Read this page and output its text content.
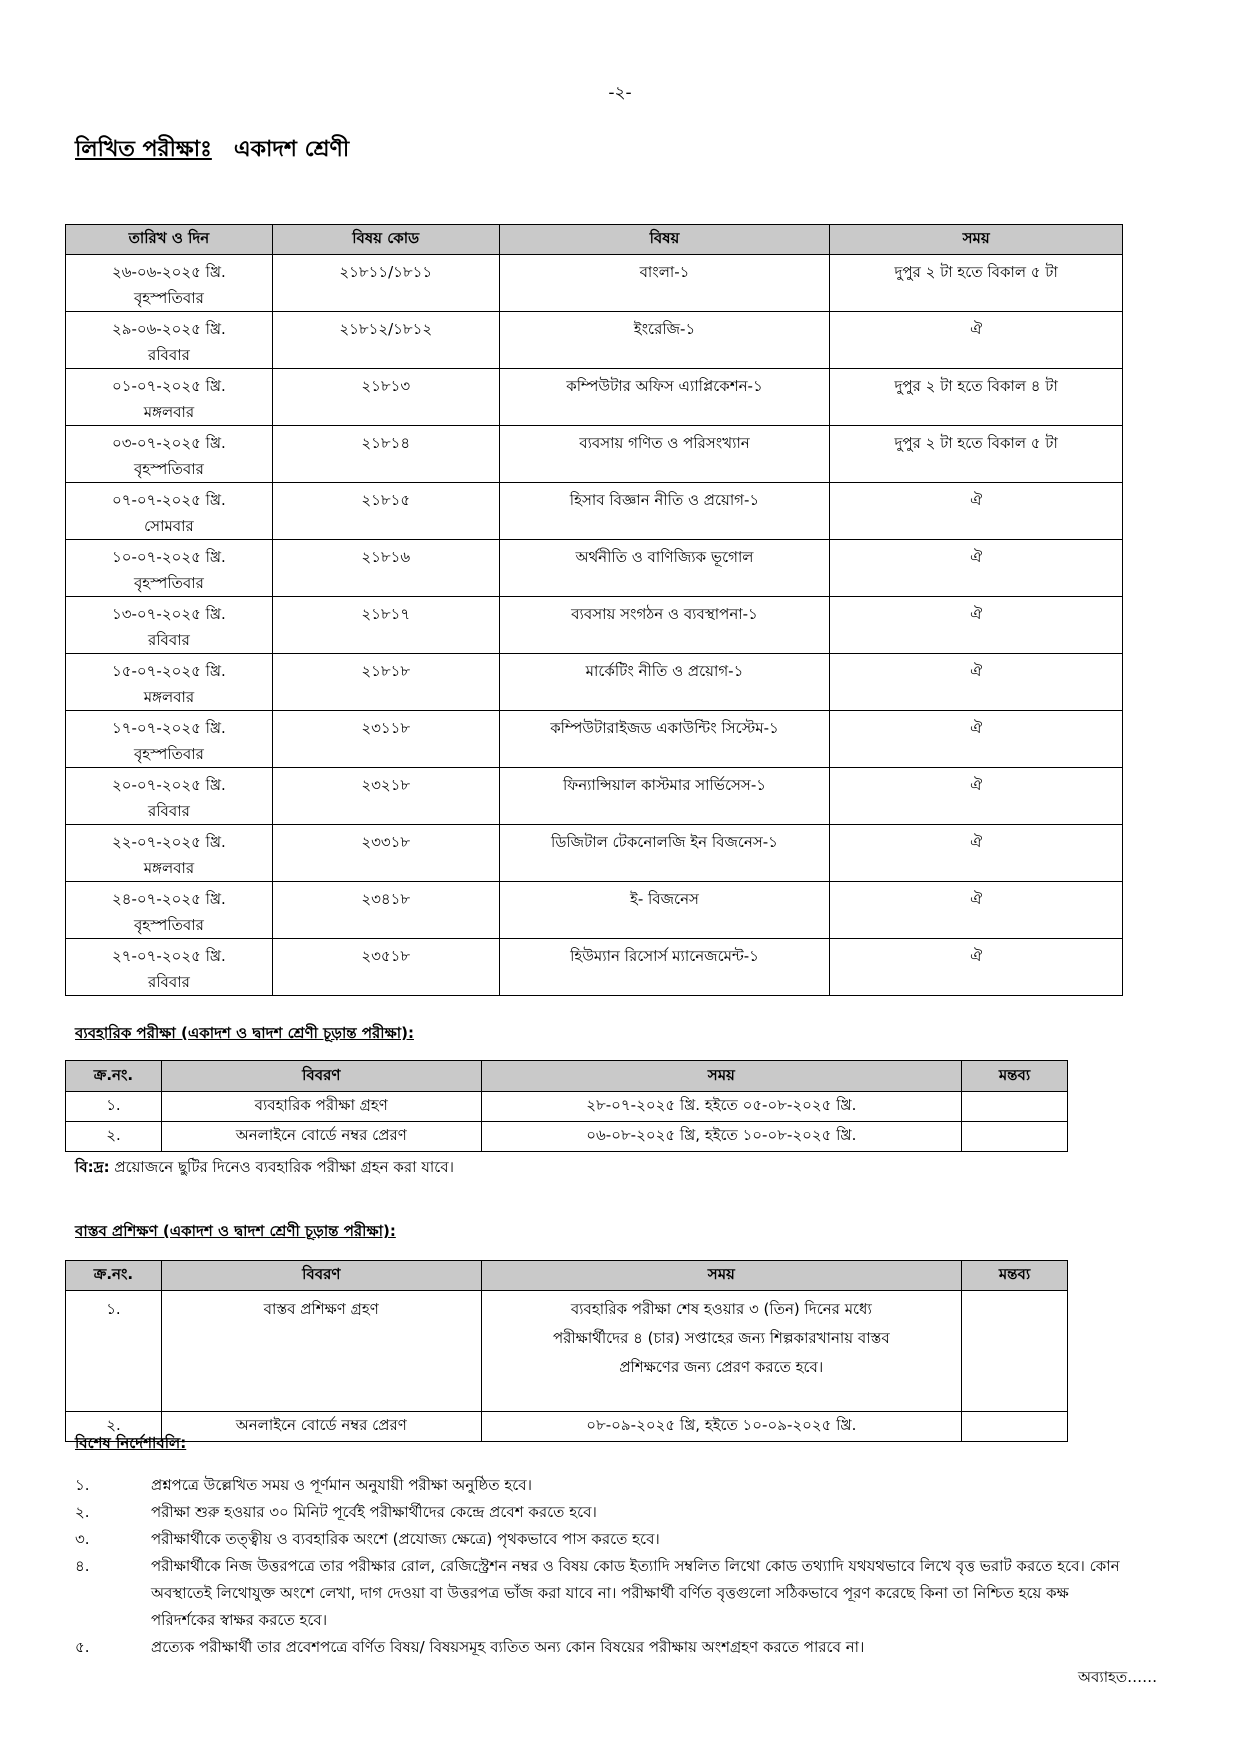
-২-
লিখিত পরীক্ষাঃ একাদশ শ্রেণী
তারিখ ও দিন	বিষয় কোড	বিষয়	সময়

২৬-০৬-২০২৫ খ্রি.
বৃহস্পতিবার	২১৮১১/১৮১১	বাংলা-১	দুপুর ২ টা হতে বিকাল ৫ টা

২৯-০৬-২০২৫ খ্রি.
রবিবার	২১৮১২/১৮১২	ইংরেজি-১	ঐ

০১-০৭-২০২৫ খ্রি.
মঙ্গলবার	২১৮১৩	কম্পিউটার অফিস এ্যাপ্লিকেশন-১	দুপুর ২ টা হতে বিকাল ৪ টা

০৩-০৭-২০২৫ খ্রি.
বৃহস্পতিবার	২১৮১৪	ব্যবসায় গণিত ও পরিসংখ্যান	দুপুর ২ টা হতে বিকাল ৫ টা

০৭-০৭-২০২৫ খ্রি.
সোমবার	২১৮১৫	হিসাব বিজ্ঞান নীতি ও প্রয়োগ-১	ঐ

১০-০৭-২০২৫ খ্রি.
বৃহস্পতিবার	২১৮১৬	অর্থনীতি ও বাণিজ্যিক ভূগোল	ঐ

১৩-০৭-২০২৫ খ্রি.
রবিবার	২১৮১৭	ব্যবসায় সংগঠন ও ব্যবস্থাপনা-১	ঐ

১৫-০৭-২০২৫ খ্রি.
মঙ্গলবার	২১৮১৮	মার্কেটিং নীতি ও প্রয়োগ-১	ঐ

১৭-০৭-২০২৫ খ্রি.
বৃহস্পতিবার	২৩১১৮	কম্পিউটারাইজড একাউন্টিং সিস্টেম-১	ঐ

২০-০৭-২০২৫ খ্রি.
রবিবার	২৩২১৮	ফিন্যান্সিয়াল কাস্টমার সার্ভিসেস-১	ঐ

২২-০৭-২০২৫ খ্রি.
মঙ্গলবার	২৩৩১৮	ডিজিটাল টেকনোলজি ইন বিজনেস-১	ঐ

২৪-০৭-২০২৫ খ্রি.
বৃহস্পতিবার	২৩৪১৮	ই- বিজনেস	ঐ

২৭-০৭-২০২৫ খ্রি.
রবিবার	২৩৫১৮	হিউম্যান রিসোর্স ম্যানেজমেন্ট-১	ঐ
ব্যবহারিক পরীক্ষা (একাদশ ও দ্বাদশ শ্রেণী চূড়ান্ত পরীক্ষা):
ক্র.নং.	বিবরণ	সময়	মন্তব্য
১.	ব্যবহারিক পরীক্ষা গ্রহণ	২৮-০৭-২০২৫ খ্রি. হইতে ০৫-০৮-২০২৫ খ্রি.	
২.	অনলাইনে বোর্ডে নম্বর প্রেরণ	০৬-০৮-২০২৫ খ্রি, হইতে ১০-০৮-২০২৫ খ্রি.	
বি:দ্র: প্রয়োজনে ছুটির দিনেও ব্যবহারিক পরীক্ষা গ্রহন করা যাবে।
বাস্তব প্রশিক্ষণ (একাদশ ও দ্বাদশ শ্রেণী চূড়ান্ত পরীক্ষা):
ক্র.নং.	বিবরণ	সময়	মন্তব্য
১.	বাস্তব প্রশিক্ষণ গ্রহণ	ব্যবহারিক পরীক্ষা শেষ হওয়ার ৩ (তিন) দিনের মধ্যে
পরীক্ষার্থীদের ৪ (চার) সপ্তাহের জন্য শিল্পকারখানায় বাস্তব
প্রশিক্ষণের জন্য প্রেরণ করতে হবে।	

২.	অনলাইনে বোর্ডে নম্বর প্রেরণ	০৮-০৯-২০২৫ খ্রি, হইতে ১০-০৯-২০২৫ খ্রি.	
বিশেষ নির্দেশাবলি:
১.	প্রশ্নপত্রে উল্লেখিত সময় ও পূর্ণমান অনুযায়ী পরীক্ষা অনুষ্ঠিত হবে।
২.	পরীক্ষা শুরু হওয়ার ৩০ মিনিট পূর্বেই পরীক্ষার্থীদের কেন্দ্রে প্রবেশ করতে হবে।
৩.	পরীক্ষার্থীকে তত্ত্বীয় ও ব্যবহারিক অংশে (প্রযোজ্য ক্ষেত্রে) পৃথকভাবে পাস করতে হবে।
৪.	পরীক্ষার্থীকে নিজ উত্তরপত্রে তার পরীক্ষার রোল, রেজিস্ট্রেশন নম্বর ও বিষয় কোড ইত্যাদি সম্বলিত লিথো কোড তথ্যাদি যথযথভাবে লিখে বৃত্ত ভরাট করতে হবে। কোন অবস্থাতেই লিথোযুক্ত অংশে লেখা, দাগ দেওয়া বা উত্তরপত্র ভাঁজ করা যাবে না। পরীক্ষার্থী বর্ণিত বৃত্তগুলো সঠিকভাবে পূরণ করেছে কিনা তা নিশ্চিত হয়ে কক্ষ পরিদর্শকের স্বাক্ষর করতে হবে।
৫.	প্রত্যেক পরীক্ষার্থী তার প্রবেশপত্রে বর্ণিত বিষয়/ বিষয়সমূহ ব্যতিত অন্য কোন বিষয়ের পরীক্ষায় অংশগ্রহণ করতে পারবে না।
অব্যাহত……
